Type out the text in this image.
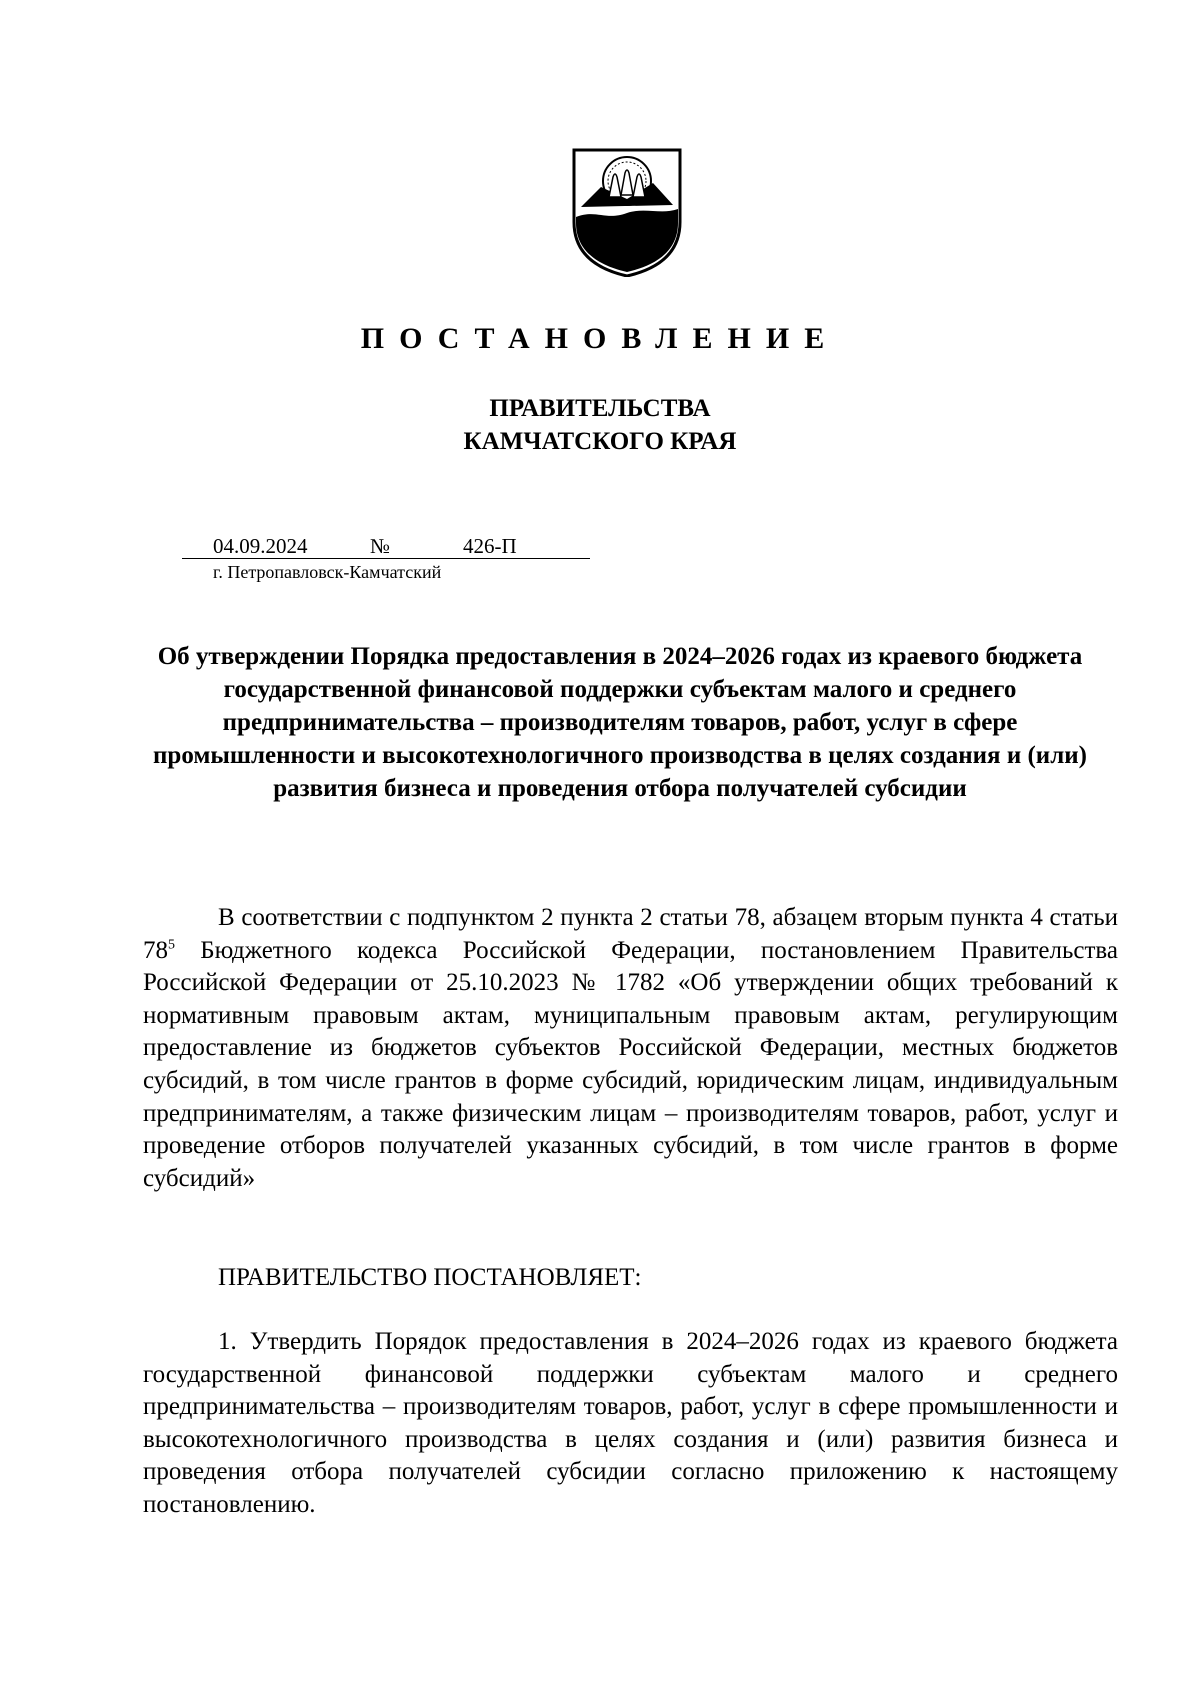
ПОСТАНОВЛЕНИЕ
ПРАВИТЕЛЬСТВА
КАМЧАТСКОГО КРАЯ
04.09.2024	№	426-П
г. Петропавловск-Камчатский
Об утверждении Порядка предоставления в 2024–2026 годах из краевого бюджета государственной финансовой поддержки субъектам малого и среднего предпринимательства – производителям товаров, работ, услуг в сфере промышленности и высокотехнологичного производства в целях создания и (или) развития бизнеса и проведения отбора получателей субсидии

В соответствии с подпунктом 2 пункта 2 статьи 78, абзацем вторым пункта 4 статьи $78^5$ Бюджетного кодекса Российской Федерации, постановлением Правительства Российской Федерации от 25.10.2023 № 1782 «Об утверждении общих требований к нормативным правовым актам, муниципальным правовым актам, регулирующим предоставление из бюджетов субъектов Российской Федерации, местных бюджетов субсидий, в том числе грантов в форме субсидий, юридическим лицам, индивидуальным предпринимателям, а также физическим лицам – производителям товаров, работ, услуг и проведение отборов получателей указанных субсидий, в том числе грантов в форме субсидий»

ПРАВИТЕЛЬСТВО ПОСТАНОВЛЯЕТ:

1. Утвердить Порядок предоставления в 2024–2026 годах из краевого бюджета государственной финансовой поддержки субъектам малого и среднего предпринимательства – производителям товаров, работ, услуг в сфере промышленности и высокотехнологичного производства в целях создания и (или) развития бизнеса и проведения отбора получателей субсидии согласно приложению к настоящему постановлению.
